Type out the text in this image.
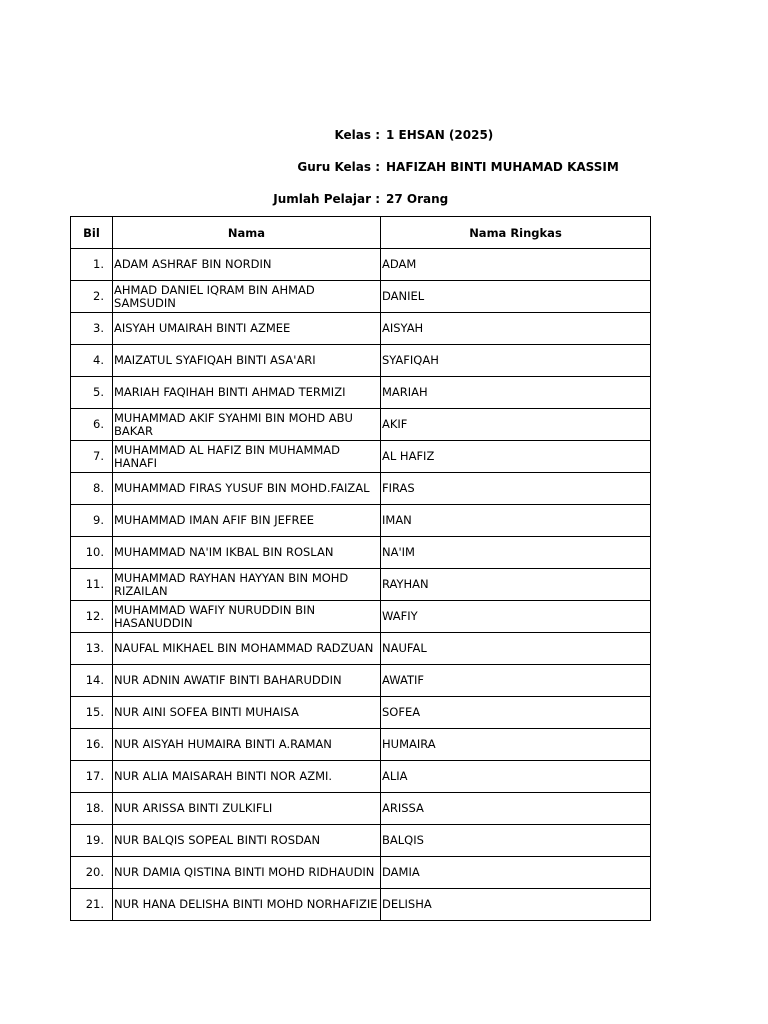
Kelas : 1 EHSAN (2025)
Guru Kelas : HAFIZAH BINTI MUHAMAD KASSIM
Jumlah Pelajar : 27 Orang
Bil	Nama	Nama Ringkas
1.	ADAM ASHRAF BIN NORDIN	ADAM
2.	AHMAD DANIEL IQRAM BIN AHMAD SAMSUDIN	DANIEL
3.	AISYAH UMAIRAH BINTI AZMEE	AISYAH
4.	MAIZATUL SYAFIQAH BINTI ASA'ARI	SYAFIQAH
5.	MARIAH FAQIHAH BINTI AHMAD TERMIZI	MARIAH
6.	MUHAMMAD AKIF SYAHMI BIN MOHD ABU BAKAR	AKIF
7.	MUHAMMAD AL HAFIZ BIN MUHAMMAD HANAFI	AL HAFIZ
8.	MUHAMMAD FIRAS YUSUF BIN MOHD.FAIZAL	FIRAS
9.	MUHAMMAD IMAN AFIF BIN JEFREE	IMAN
10.	MUHAMMAD NA'IM IKBAL BIN ROSLAN	NA'IM
11.	MUHAMMAD RAYHAN HAYYAN BIN MOHD RIZAILAN	RAYHAN
12.	MUHAMMAD WAFIY NURUDDIN BIN HASANUDDIN	WAFIY
13.	NAUFAL MIKHAEL BIN MOHAMMAD RADZUAN	NAUFAL
14.	NUR ADNIN AWATIF BINTI BAHARUDDIN	AWATIF
15.	NUR AINI SOFEA BINTI MUHAISA	SOFEA
16.	NUR AISYAH HUMAIRA BINTI A.RAMAN	HUMAIRA
17.	NUR ALIA MAISARAH BINTI NOR AZMI.	ALIA
18.	NUR ARISSA BINTI ZULKIFLI	ARISSA
19.	NUR BALQIS SOPEAL BINTI ROSDAN	BALQIS
20.	NUR DAMIA QISTINA BINTI MOHD RIDHAUDIN	DAMIA
21.	NUR HANA DELISHA BINTI MOHD NORHAFIZIE	DELISHA
